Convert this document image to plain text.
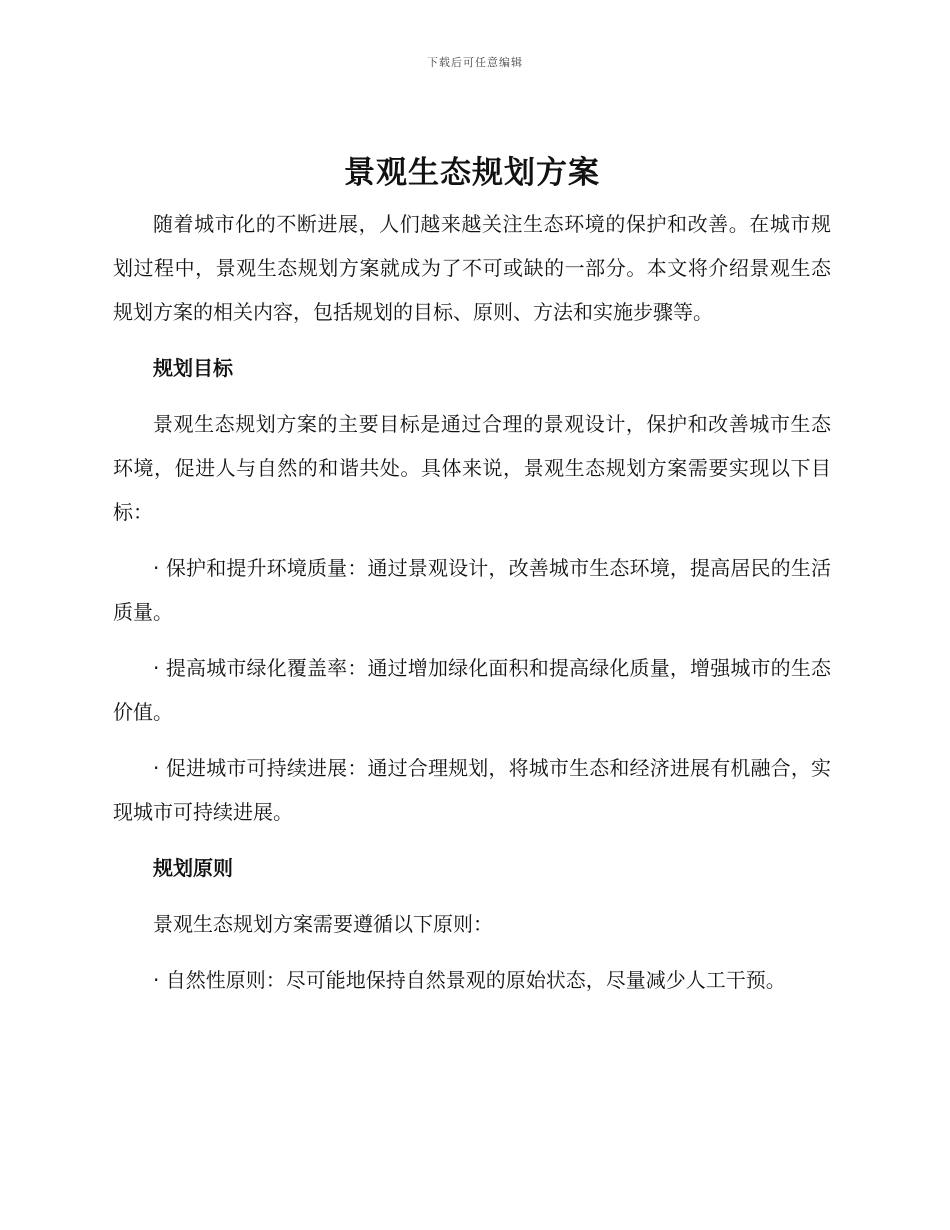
下载后可任意编辑
景观生态规划方案

随着城市化的不断进展，人们越来越关注生态环境的保护和改善。在城市规划过程中，景观生态规划方案就成为了不可或缺的一部分。本文将介绍景观生态规划方案的相关内容，包括规划的目标、原则、方法和实施步骤等。

规划目标

景观生态规划方案的主要目标是通过合理的景观设计，保护和改善城市生态环境，促进人与自然的和谐共处。具体来说，景观生态规划方案需要实现以下目标：

· 保护和提升环境质量：通过景观设计，改善城市生态环境，提高居民的生活质量。

· 提高城市绿化覆盖率：通过增加绿化面积和提高绿化质量，增强城市的生态价值。

· 促进城市可持续进展：通过合理规划，将城市生态和经济进展有机融合，实现城市可持续进展。

规划原则

景观生态规划方案需要遵循以下原则：

· 自然性原则：尽可能地保持自然景观的原始状态，尽量减少人工干预。
